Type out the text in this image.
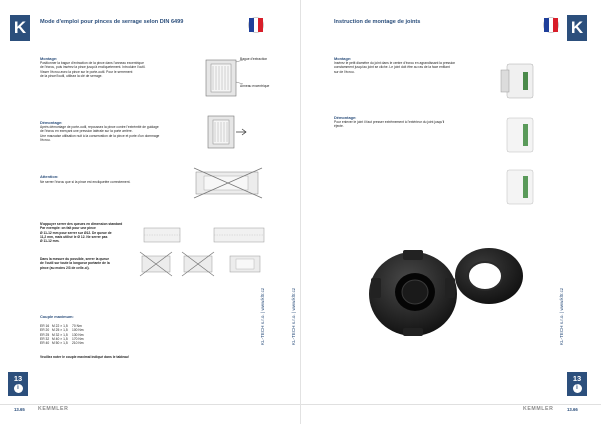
K	Mode d'emploi pour pinces de serrage selon DIN 6499
Montage:
Positionner la bague d'extraction de la pince dans l'anneau excentrique
de l'écrou, puis insérez la pince jusqu'à encliquetement. Introduire l'outil.
Visser l'écrou avec la pince sur le porte-outil. Pour le serrement
de la pince/l'outil, utilisez la clé de serrage.
Bague d'extraction
Anneau excentrique
Démontage:
Après démontage de porte-outil, repoussez la pince contre l'extrémité de guidage
de l'écrou en exerçant une pression latérale sur la porte arrière.
Une mauvaise utilisation nuit à la conservation de la pince et porte d'un dommage
l'écrou.
Attention:
Ne serrer l'écrou que si la pince est encliquetée correctement.
N'appuyer serrer des queues en dimension standard
Par exemple: on fait pour une pince
Ø 11-12 mm pour serrer sur Ø12. De queue de
11,2 mm, mais utilisé le Ø 12. Ne serrer pas
Ø 11-12 mm.
Dans la mesure du possible, serrer la queue
de l'outil sur toute la longueur portante de la
pince (au moins 2/3 de celle-ci).
Couple maximum:
ER 16 M 22 × 1,5	70 Nm
ER 20 M 25 × 1,5	100 Nm
ER 25 M 32 × 1,5	130 Nm
ER 32 M 40 × 1,5	170 Nm
ER 40 M 50 × 1,5	210 Nm
Veuillez noter le couple maximal indiqué dans le tableau!
KL-TECH s.r.o. | www.kltr.cz
13
i
13.65	KEMMLER
K
Instruction de montage de joints
Montage:
Insérez le petit diamètre du joint dans le centre d'écrou en agrandissant la pression
constamment jusqu'au joint se cliche. Le joint doit être au ras de la face enfilant
sur de l'écrou.
Démontage:
Pour enlever le joint il faut presser extrêmement à l'extérieur du joint jusqu'il
éjecte.
KL-TECH s.r.o. | www.kltr.cz	KL-TECH s.r.o. | www.kltr.cz
13
i
KEMMLER	13.66
